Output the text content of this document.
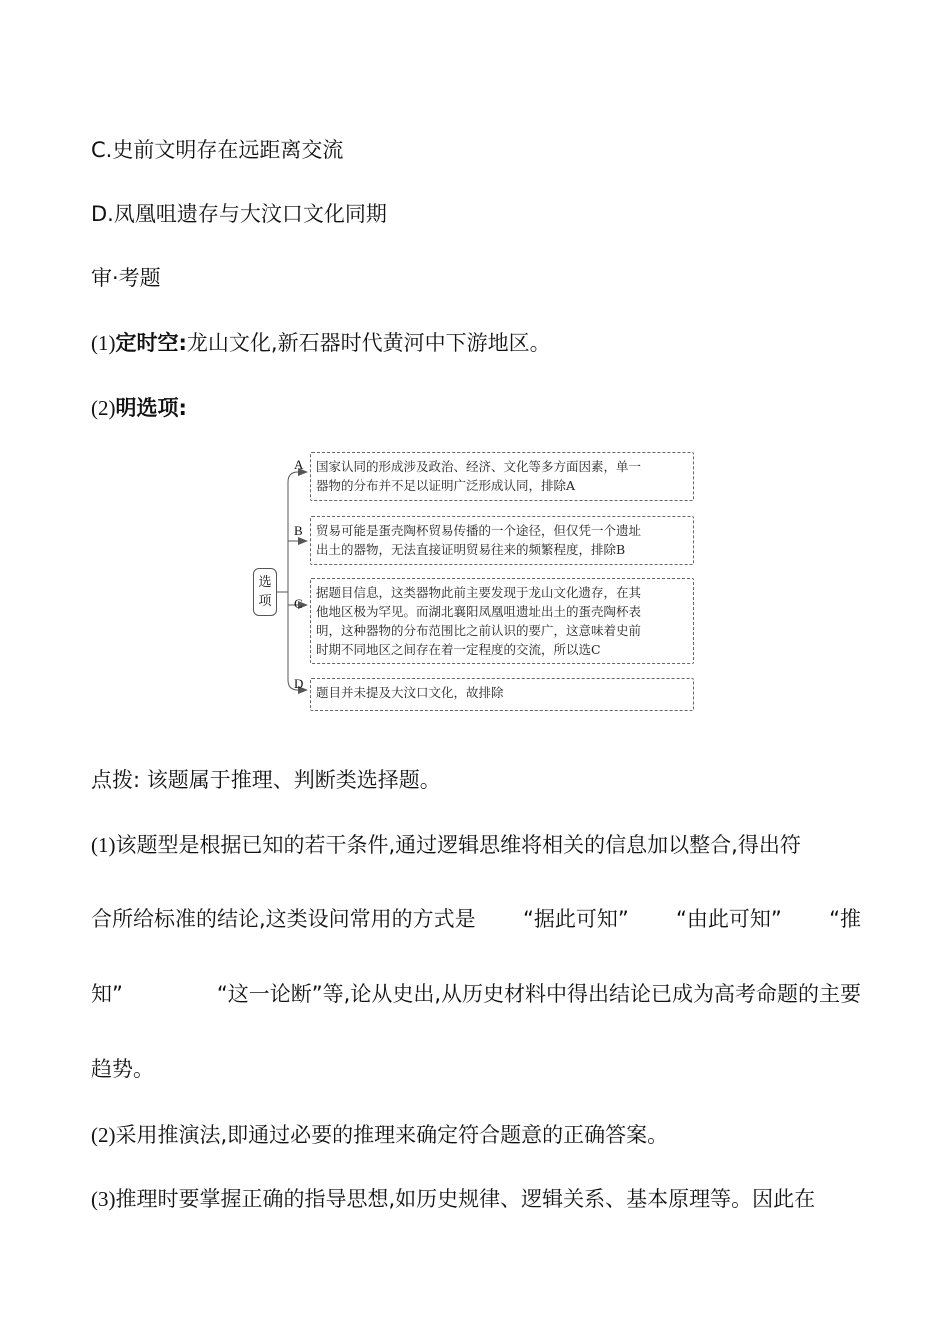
C.史前文明存在远距离交流
D.凤凰咀遗存与大汶口文化同期
审·考题
(1)定时空:龙山文化,新石器时代黄河中下游地区。
(2)明选项:
选
项
A
B
C
D
国家认同的形成涉及政治、经济、文化等多方面因素，单一
器物的分布并不足以证明广泛形成认同，排除A
贸易可能是蛋壳陶杯贸易传播的一个途径，但仅凭一个遗址
出土的器物，无法直接证明贸易往来的频繁程度，排除B
据题目信息，这类器物此前主要发现于龙山文化遗存，在其
他地区极为罕见。而湖北襄阳凤凰咀遗址出土的蛋壳陶杯表
明，这种器物的分布范围比之前认识的要广，这意味着史前
时期不同地区之间存在着一定程度的交流，所以选C
题目并未提及大汶口文化，故排除
点拨: 该题属于推理、判断类选择题。
(1)该题型是根据已知的若干条件,通过逻辑思维将相关的信息加以整合,得出符
合所给标准的结论,这类设问常用的方式是 “据此可知” “由此可知” “推
知”	“这一论断”等,论从史出,从历史材料中得出结论已成为高考命题的主要
趋势。
(2)采用推演法,即通过必要的推理来确定符合题意的正确答案。
(3)推理时要掌握正确的指导思想,如历史规律、逻辑关系、基本原理等。因此在
